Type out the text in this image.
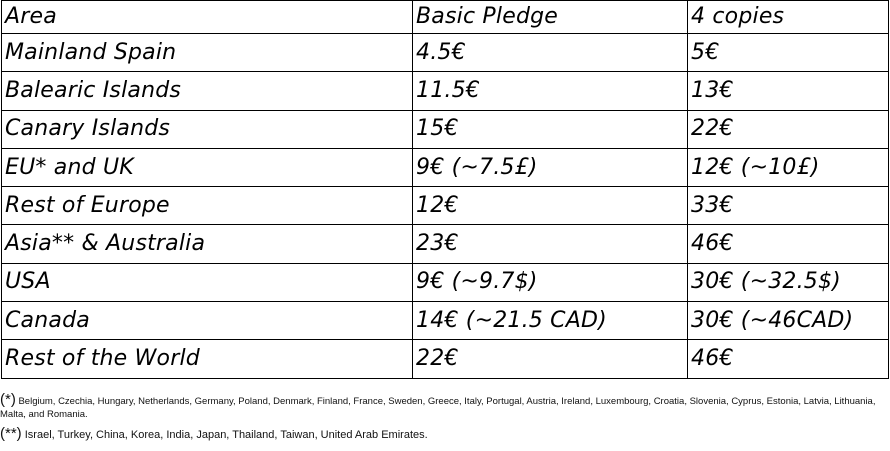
Area	Basic Pledge	4 copies
Mainland Spain	4.5€	5€
Balearic Islands	11.5€	13€
Canary Islands	15€	22€
EU* and UK	9€ (~7.5£)	12€ (~10£)
Rest of Europe	12€	33€
Asia** & Australia	23€	46€
USA	9€ (~9.7$)	30€ (~32.5$)
Canada	14€ (~21.5 CAD)	30€ (~46CAD)
Rest of the World	22€	46€
(*) Belgium, Czechia, Hungary, Netherlands, Germany, Poland, Denmark, Finland, France, Sweden, Greece, Italy, Portugal, Austria, Ireland, Luxembourg, Croatia, Slovenia, Cyprus, Estonia, Latvia, Lithuania, Malta, and Romania.
(**) Israel, Turkey, China, Korea, India, Japan, Thailand, Taiwan, United Arab Emirates.
